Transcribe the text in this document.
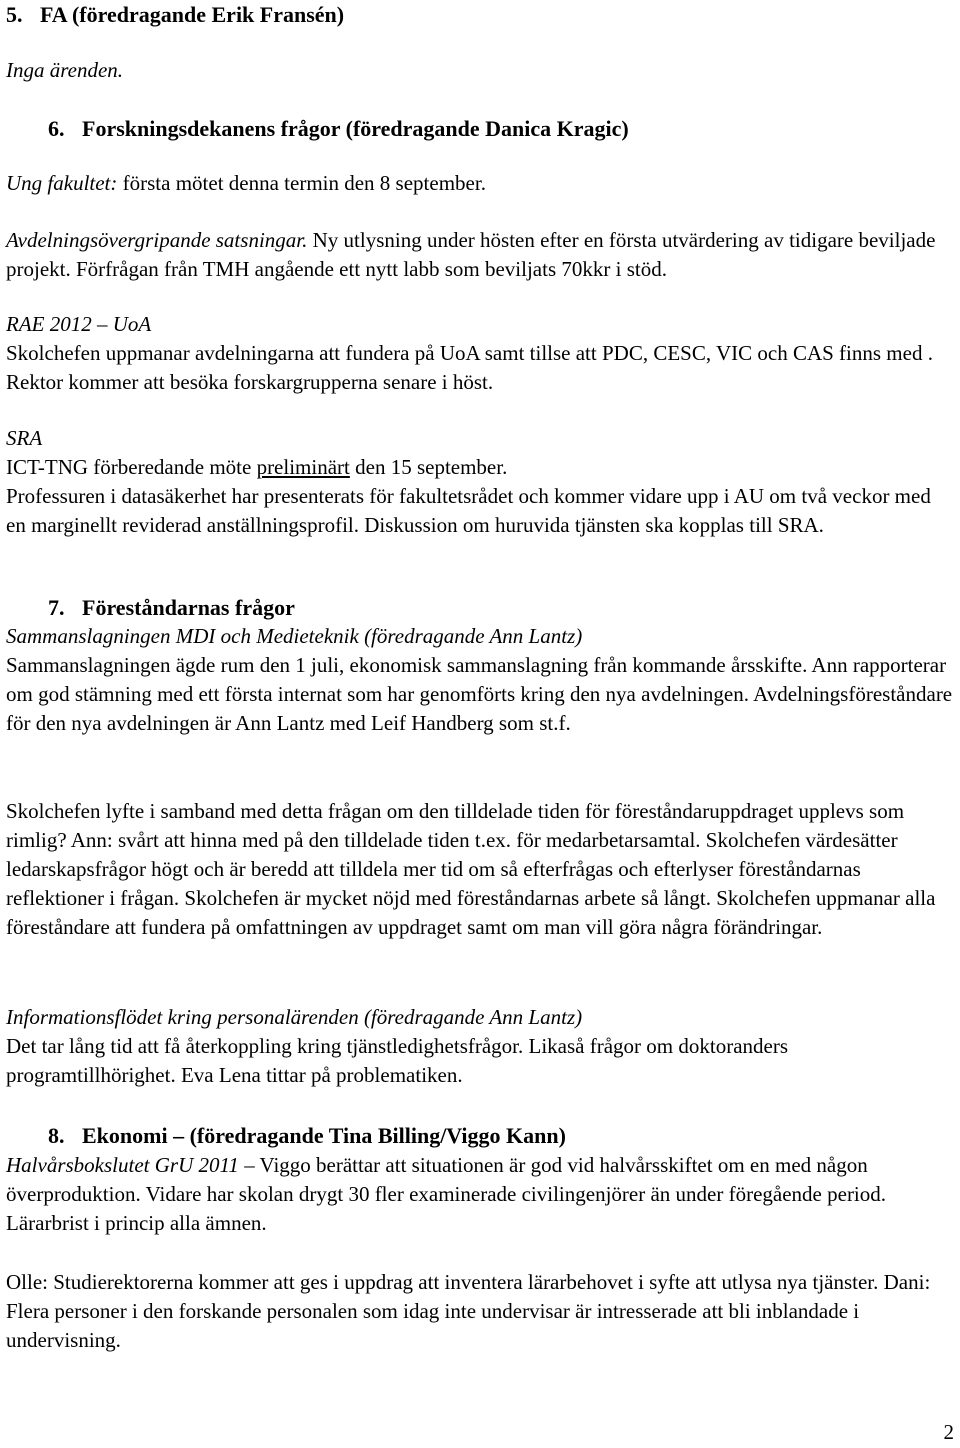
5. FA (föredragande Erik Fransén)

Inga ärenden.

6. Forskningsdekanens frågor (föredragande Danica Kragic)

Ung fakultet: första mötet denna termin den 8 september.

Avdelningsövergripande satsningar. Ny utlysning under hösten efter en första utvärdering av tidigare beviljade projekt. Förfrågan från TMH angående ett nytt labb som beviljats 70kkr i stöd.

RAE 2012 – UoA

Skolchefen uppmanar avdelningarna att fundera på UoA samt tillse att PDC, CESC, VIC och CAS finns med . Rektor kommer att besöka forskargrupperna senare i höst.

SRA

ICT-TNG förberedande möte preliminärt den 15 september.

Professuren i datasäkerhet har presenterats för fakultetsrådet och kommer vidare upp i AU om två veckor med en marginellt reviderad anställningsprofil. Diskussion om huruvida tjänsten ska kopplas till SRA.

7. Föreståndarnas frågor

Sammanslagningen MDI och Medieteknik (föredragande Ann Lantz)

Sammanslagningen ägde rum den 1 juli, ekonomisk sammanslagning från kommande årsskifte. Ann rapporterar om god stämning med ett första internat som har genomförts kring den nya avdelningen. Avdelningsföreståndare för den nya avdelningen är Ann Lantz med Leif Handberg som st.f.

Skolchefen lyfte i samband med detta frågan om den tilldelade tiden för föreståndaruppdraget upplevs som rimlig? Ann: svårt att hinna med på den tilldelade tiden t.ex. för medarbetarsamtal. Skolchefen värdesätter ledarskapsfrågor högt och är beredd att tilldela mer tid om så efterfrågas och efterlyser föreståndarnas reflektioner i frågan. Skolchefen är mycket nöjd med föreståndarnas arbete så långt. Skolchefen uppmanar alla föreståndare att fundera på omfattningen av uppdraget samt om man vill göra några förändringar.

Informationsflödet kring personalärenden (föredragande Ann Lantz)

Det tar lång tid att få återkoppling kring tjänstledighetsfrågor. Likaså frågor om doktoranders programtillhörighet. Eva Lena tittar på problematiken.

8. Ekonomi – (föredragande Tina Billing/Viggo Kann)

Halvårsbokslutet GrU 2011 – Viggo berättar att situationen är god vid halvårsskiftet om en med någon överproduktion. Vidare har skolan drygt 30 fler examinerade civilingenjörer än under föregående period. Lärarbrist i princip alla ämnen.

Olle: Studierektorerna kommer att ges i uppdrag att inventera lärarbehovet i syfte att utlysa nya tjänster. Dani: Flera personer i den forskande personalen som idag inte undervisar är intresserade att bli inblandade i undervisning.

2
